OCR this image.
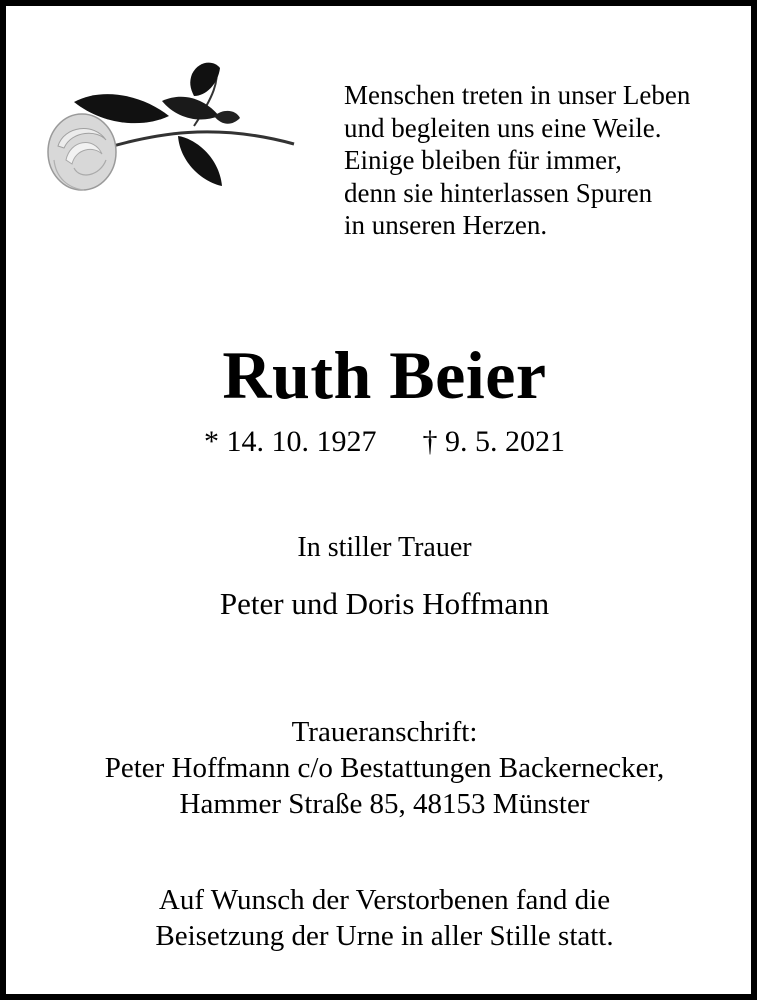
Menschen treten in unser Leben
und begleiten uns eine Weile.
Einige bleiben für immer,
denn sie hinterlassen Spuren
in unseren Herzen.
Ruth Beier
* 14. 10. 1927 † 9. 5. 2021
In stiller Trauer
Peter und Doris Hoffmann
Traueranschrift:
Peter Hoffmann c/o Bestattungen Backernecker,
Hammer Straße 85, 48153 Münster
Auf Wunsch der Verstorbenen fand die
Beisetzung der Urne in aller Stille statt.
